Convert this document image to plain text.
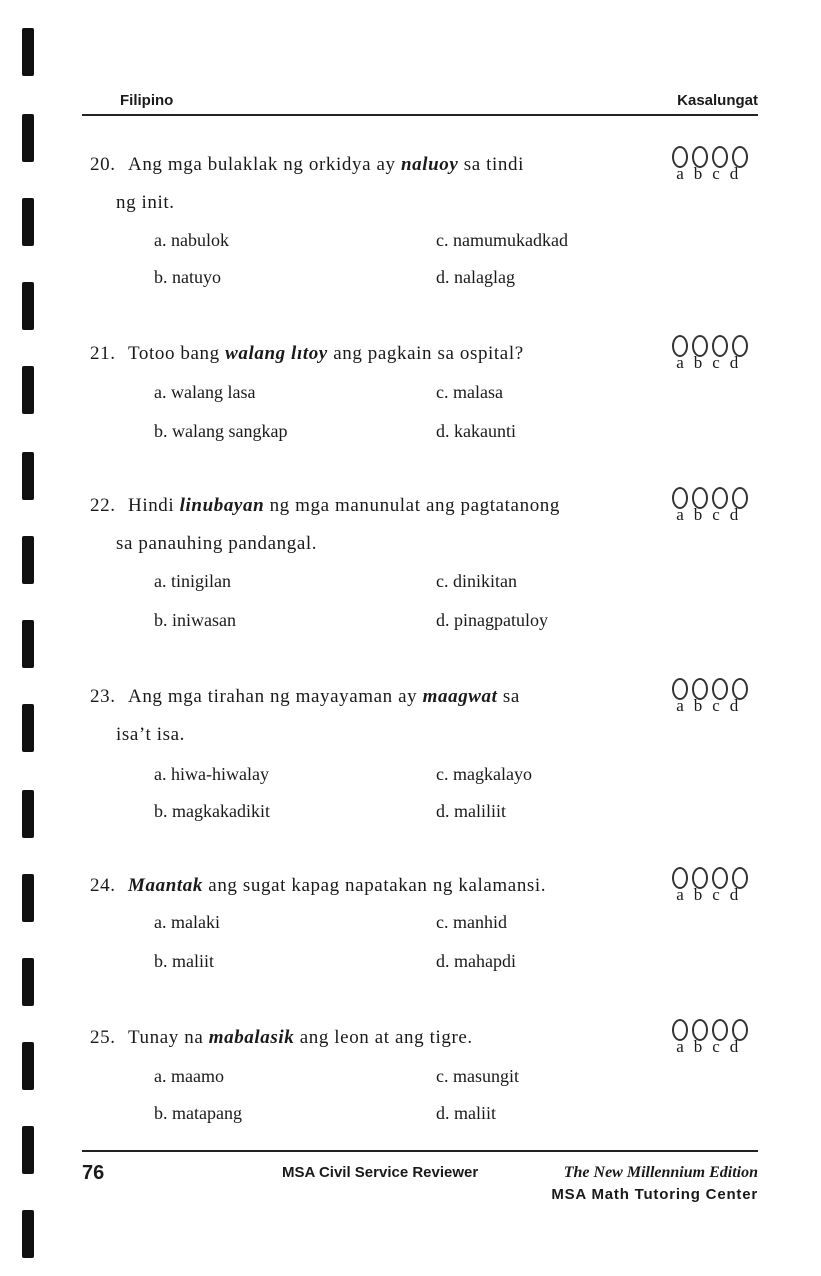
Filipino	Kasalungat
20. Ang mga bulaklak ng orkidya ay naluoy sa tindi
ng init.
a b c d
a. nabulok
b. natuyo
c. namumukadkad
d. nalaglag
21. Totoo bang walang lıtoy ang pagkain sa ospital?	a b c d
a. walang lasa
b. walang sangkap
c. malasa
d. kakaunti
22. Hindi linubayan ng mga manunulat ang pagtatanong
sa panauhing pandangal.
a b c d
a. tinigilan
b. iniwasan
c. dinikitan
d. pinagpatuloy
23. Ang mga tirahan ng mayayaman ay maagwat sa
isa’t isa.
a b c d
a. hiwa-hiwalay
b. magkakadikit
c. magkalayo
d. maliliit
24. Maantak ang sugat kapag napatakan ng kalamansi.	a b c d
a. malaki
b. maliit
c. manhid
d. mahapdi
25. Tunay na mabalasik ang leon at ang tigre.	a b c d
a. maamo
b. matapang
c. masungit
d. maliit
76	MSA Civil Service Reviewer	The New Millennium Edition
MSA Math Tutoring Center
